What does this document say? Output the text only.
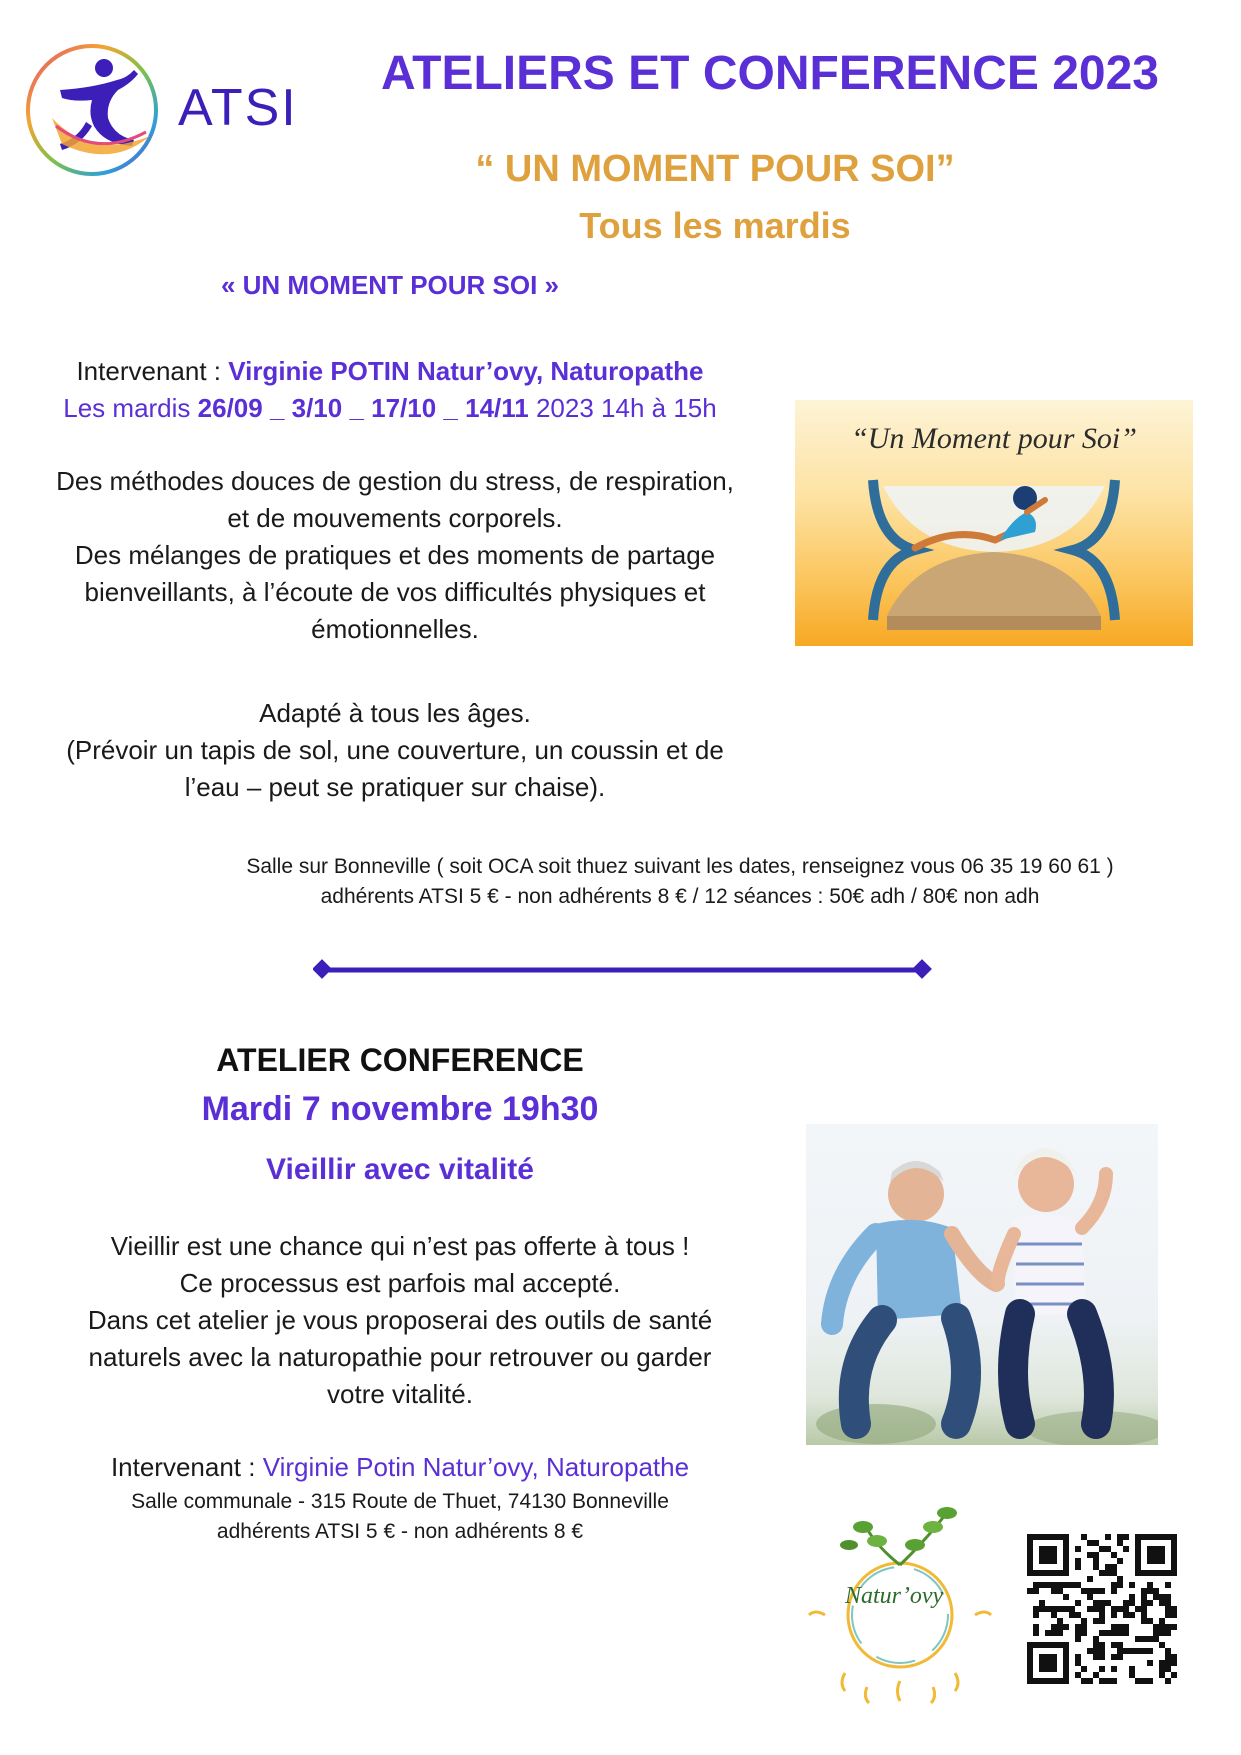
ATSI
ATELIERS ET CONFERENCE 2023
“ UN MOMENT POUR SOI”
Tous les mardis
« UN MOMENT POUR SOI »
Intervenant : Virginie POTIN Natur’ovy, Naturopathe
Les mardis 26/09 _ 3/10 _ 17/10 _ 14/11 2023 14h à 15h
Des méthodes douces de gestion du stress, de respiration,
et de mouvements corporels.
Des mélanges de pratiques et des moments de partage
bienveillants, à l’écoute de vos difficultés physiques et
émotionnelles.
Adapté à tous les âges.
(Prévoir un tapis de sol, une couverture, un coussin et de
l’eau – peut se pratiquer sur chaise).
Salle sur Bonneville ( soit OCA soit thuez suivant les dates, renseignez vous 06 35 19 60 61 )
adhérents ATSI 5 € - non adhérents 8 € / 12 séances : 50€ adh / 80€ non adh
“Un Moment pour Soi”
ATELIER CONFERENCE
Mardi 7 novembre 19h30
Vieillir avec vitalité
Vieillir est une chance qui n’est pas offerte à tous !
Ce processus est parfois mal accepté.
Dans cet atelier je vous proposerai des outils de santé
naturels avec la naturopathie pour retrouver ou garder
votre vitalité.
Intervenant : Virginie Potin Natur’ovy, Naturopathe
Salle communale - 315 Route de Thuet, 74130 Bonneville
adhérents ATSI 5 € - non adhérents 8 €
Natur’ovy
